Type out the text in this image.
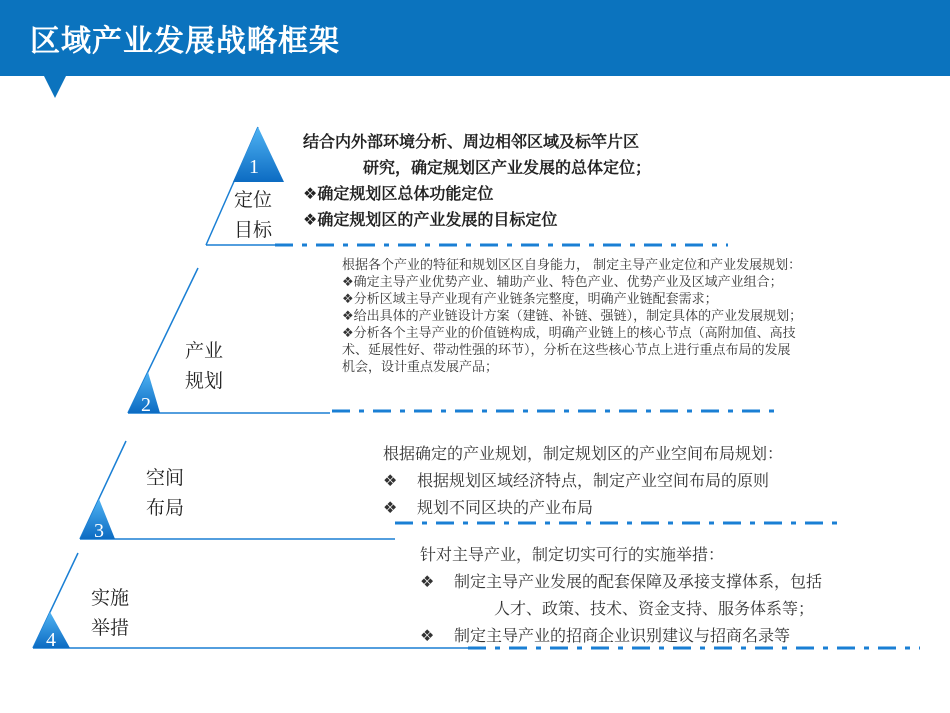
区域产业发展战略框架
1
2
3
4
定位
目标
产业
规划
空间
布局
实施
举措
结合内外部环境分析、周边相邻区域及标竿片区
研究，确定规划区产业发展的总体定位；
❖确定规划区总体功能定位
❖确定规划区的产业发展的目标定位
根据各个产业的特征和规划区区自身能力， 制定主导产业定位和产业发展规划：
❖确定主导产业优势产业、辅助产业、特色产业、优势产业及区域产业组合；
❖分析区域主导产业现有产业链条完整度，明确产业链配套需求；
❖给出具体的产业链设计方案（建链、补链、强链），制定具体的产业发展规划；
❖分析各个主导产业的价值链构成，明确产业链上的核心节点（高附加值、高技
术、延展性好、带动性强的环节），分析在这些核心节点上进行重点布局的发展
机会，设计重点发展产品；
根据确定的产业规划，制定规划区的产业空间布局规划：
❖ 根据规划区域经济特点，制定产业空间布局的原则
❖ 规划不同区块的产业布局
针对主导产业，制定切实可行的实施举措：
❖ 制定主导产业发展的配套保障及承接支撑体系，包括
人才、政策、技术、资金支持、服务体系等；
❖ 制定主导产业的招商企业识别建议与招商名录等
